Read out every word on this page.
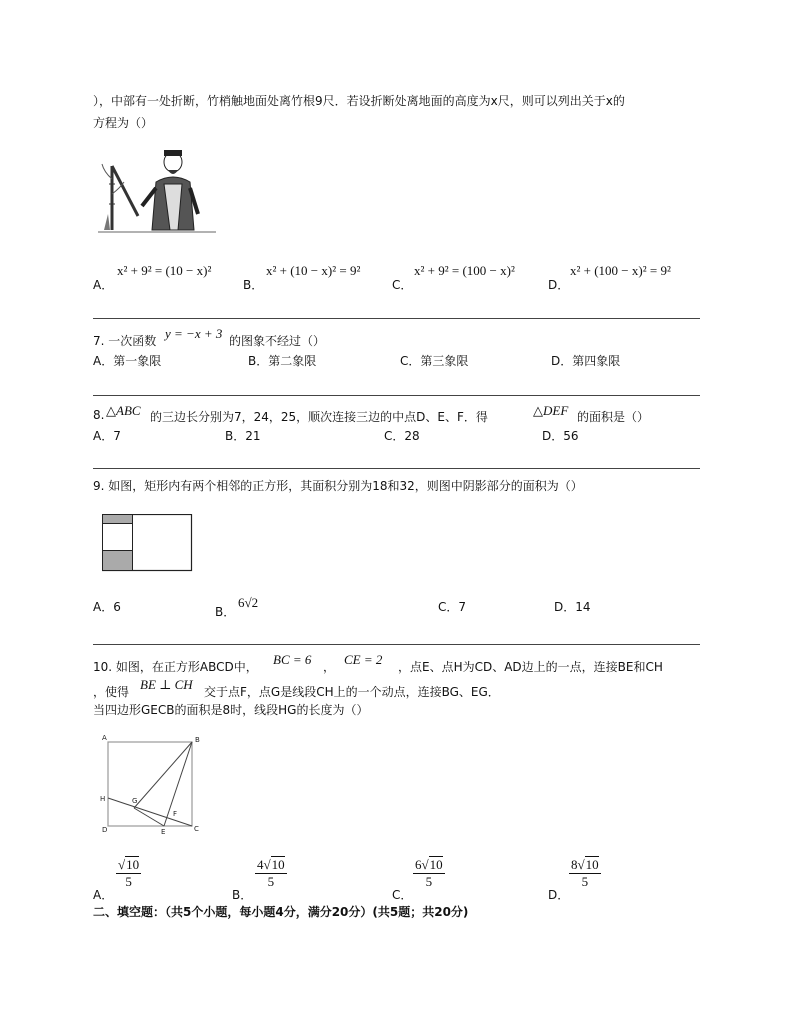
），中部有一处折断，竹梢触地面处离竹根9尺．若设折断处离地面的高度为x尺，则可以列出关于x的
方程为（）
A．
x² + 9² = (10 − x)²
B．
x² + (10 − x)² = 9²
C．
x² + 9² = (100 − x)²
D．
x² + (100 − x)² = 9²
7. 一次函数 y = −x + 3 的图象不经过（）
A．第一象限	B．第二象限	C．第三象限	D．第四象限
8. △ABC 的三边长分别为7，24，25，顺次连接三边的中点D、E、F．得	△DEF 的面积是（）
A．7	B．21	C．28	D．56
9. 如图，矩形内有两个相邻的正方形，其面积分别为18和32，则图中阴影部分的面积为（）
A．6	B．
6√2	C．7	D．14
10. 如图，在正方形ABCD中， BC = 6 ， CE = 2 ，点E、点H为CD、AD边上的一点，连接BE和CH
，使得 BE ⊥ CH 交于点F，点G是线段CH上的一个动点，连接BG、EG．
当四边形GECB的面积是8时，线段HG的长度为（）
A	B
H	G
F
D	E	C
A．
$\frac{√10}{5}$
B．
$\frac{4√10}{5}$
C．
$\frac{6√10}{5}$
D．
$\frac{8√10}{5}$
二、填空题：（共5个小题，每小题4分，满分20分）(共5题；共20分)
